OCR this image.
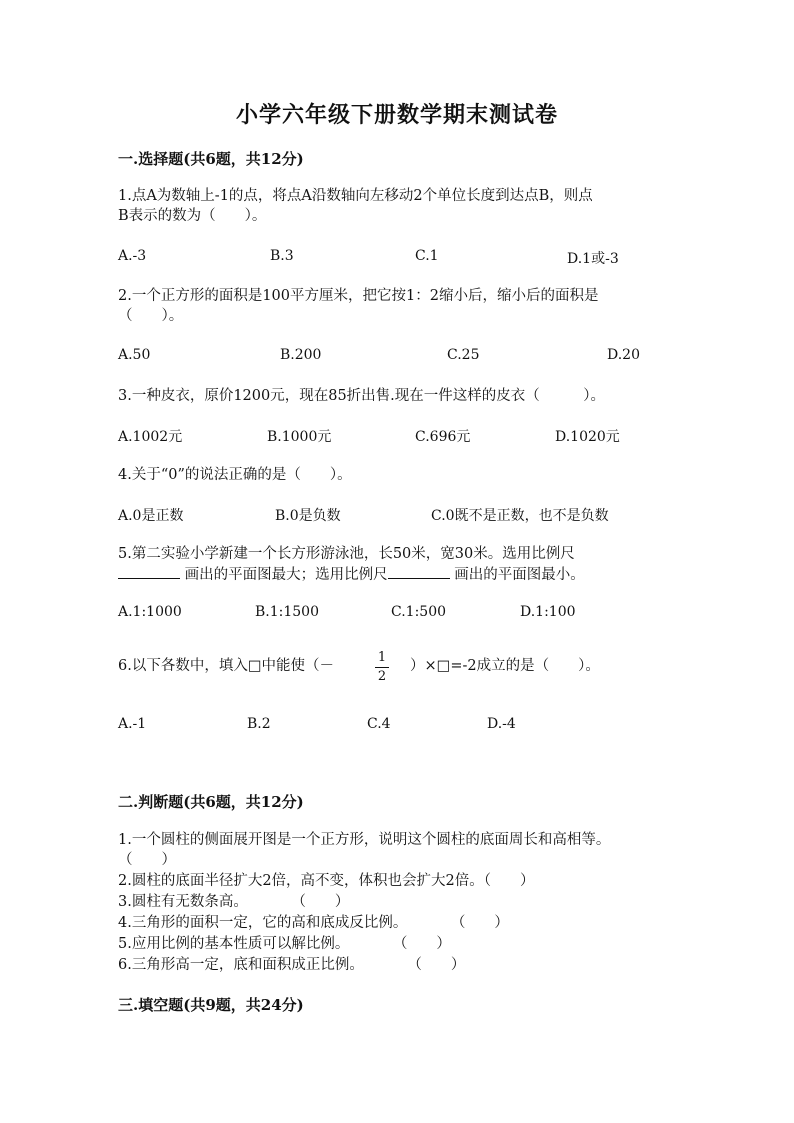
小学六年级下册数学期末测试卷
一.选择题(共6题，共12分)
1.点A为数轴上-1的点，将点A沿数轴向左移动2个单位长度到达点B，则点
B表示的数为（　　）。
A.-3	B.3	C.1	D.1或-3
2.一个正方形的面积是100平方厘米，把它按1：2缩小后，缩小后的面积是
（　　）。
A.50	B.200	C.25	D.20
3.一种皮衣，原价1200元，现在85折出售.现在一件这样的皮衣（　　　）。
A.1002元	B.1000元	C.696元	D.1020元
4.关于“0”的说法正确的是（　　）。
A.0是正数	B.0是负数	C.0既不是正数，也不是负数
5.第二实验小学新建一个长方形游泳池，长50米，宽30米。选用比例尺
画出的平面图最大；选用比例尺	画出的平面图最小。
A.1:1000	B.1:1500	C.1:500	D.1:100
6.以下各数中，填入□中能使（－
1
2
）×□=-2成立的是（　　）。
A.-1	B.2	C.4	D.-4
二.判断题(共6题，共12分)
1.一个圆柱的侧面展开图是一个正方形，说明这个圆柱的底面周长和高相等。
（　　）
2.圆柱的底面半径扩大2倍，高不变，体积也会扩大2倍。（　　）
3.圆柱有无数条高。　　　　（　　）
4.三角形的面积一定，它的高和底成反比例。　　　　（　　）
5.应用比例的基本性质可以解比例。　　　　（　　）
6.三角形高一定，底和面积成正比例。　　　　（　　）
三.填空题(共9题，共24分)
